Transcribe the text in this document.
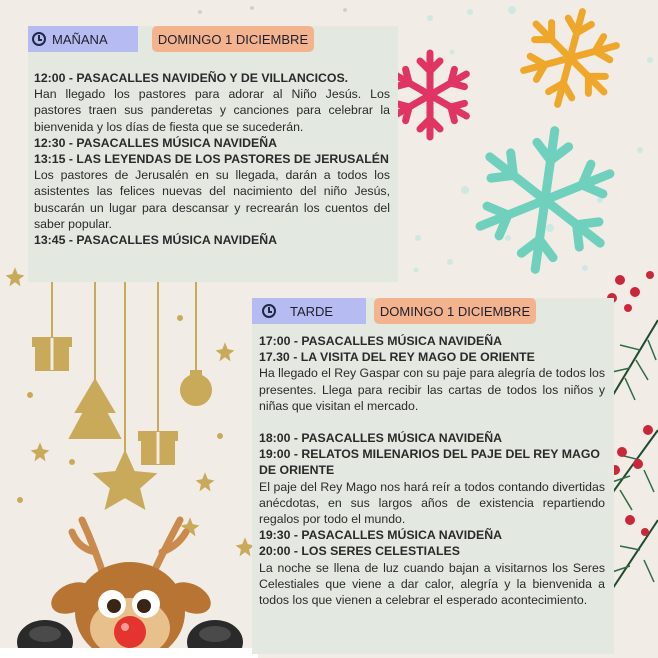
MAÑANA	DOMINGO 1 DICIEMBRE

12:00 - PASACALLES NAVIDEÑO Y DE VILLANCICOS.

Han llegado los pastores para adorar al Niño Jesús. Los pastores traen sus panderetas y canciones para celebrar la bienvenida y los días de fiesta que se sucederán.

12:30 - PASACALLES MÚSICA NAVIDEÑA

13:15 - LAS LEYENDAS DE LOS PASTORES DE JERUSALÉN

Los pastores de Jerusalén en su llegada, darán a todos los asistentes las felices nuevas del nacimiento del niño Jesús, buscarán un lugar para descansar y recrearán los cuentos del saber popular.

13:45 - PASACALLES MÚSICA NAVIDEÑA

TARDE	DOMINGO 1 DICIEMBRE

17:00 - PASACALLES MÚSICA NAVIDEÑA

17.30 - LA VISITA DEL REY MAGO DE ORIENTE

Ha llegado el Rey Gaspar con su paje para alegría de todos los presentes. Llega para recibir las cartas de todos los niños y niñas que visitan el mercado.

18:00 - PASACALLES MÚSICA NAVIDEÑA

19:00 - RELATOS MILENARIOS DEL PAJE DEL REY MAGO DE ORIENTE

El paje del Rey Mago nos hará reír a todos contando divertidas anécdotas, en sus largos años de existencia repartiendo regalos por todo el mundo.

19:30 - PASACALLES MÚSICA NAVIDEÑA

20:00 - LOS SERES CELESTIALES

La noche se llena de luz cuando bajan a visitarnos los Seres Celestiales que viene a dar calor, alegría y la bienvenida a todos los que vienen a celebrar el esperado acontecimiento.
